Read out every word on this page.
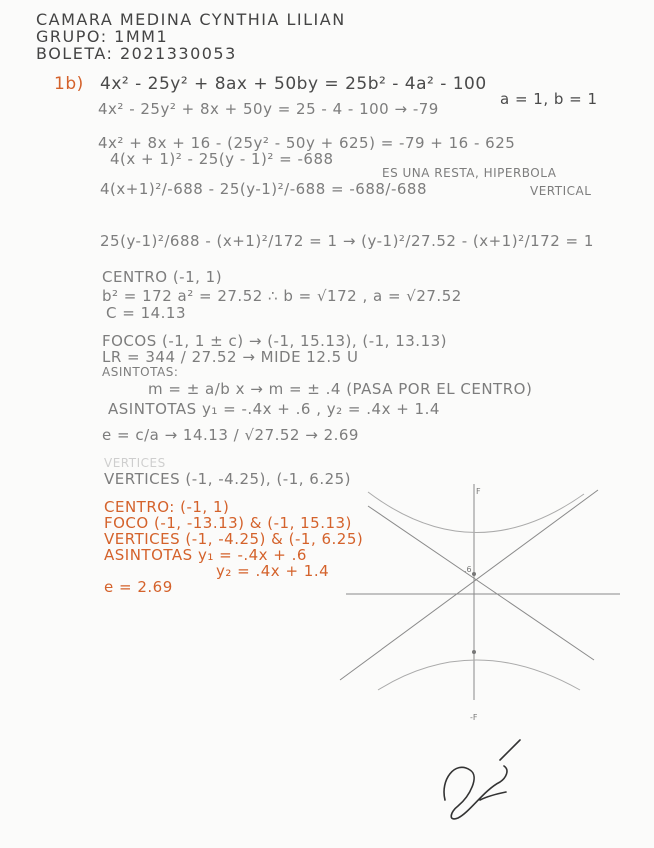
CAMARA MEDINA CYNTHIA LILIAN
GRUPO: 1MM1
BOLETA: 2021330053
1b) 4x² - 25y² + 8ax + 50by = 25b² - 4a² - 100
a = 1, b = 1
4x² - 25y² + 8x + 50y = 25 - 4 - 100 → -79
4x² + 8x + 16 - (25y² - 50y + 625) = -79 + 16 - 625
4(x + 1)² - 25(y - 1)² = -688
ES UNA RESTA, HIPERBOLA
VERTICAL
4(x+1)²/-688 - 25(y-1)²/-688 = -688/-688
25(y-1)²/688 - (x+1)²/172 = 1 → (y-1)²/27.52 - (x+1)²/172 = 1
CENTRO (-1, 1)
b² = 172 a² = 27.52 ∴ b = √172 , a = √27.52
C = 14.13
FOCOS (-1, 1 ± c) → (-1, 15.13), (-1, 13.13)
LR = 344 / 27.52 → MIDE 12.5 U
ASINTOTAS:
m = ± a/b x → m = ± .4 (PASA POR EL CENTRO)
ASINTOTAS y₁ = -.4x + .6 , y₂ = .4x + 1.4
e = c/a → 14.13 / √27.52 → 2.69
VERTICES
VERTICES (-1, -4.25), (-1, 6.25)
CENTRO: (-1, 1)
FOCO (-1, -13.13) & (-1, 15.13)
VERTICES (-1, -4.25) & (-1, 6.25)
ASINTOTAS y₁ = -.4x + .6
y₂ = .4x + 1.4
e = 2.69
.6
F
-F
